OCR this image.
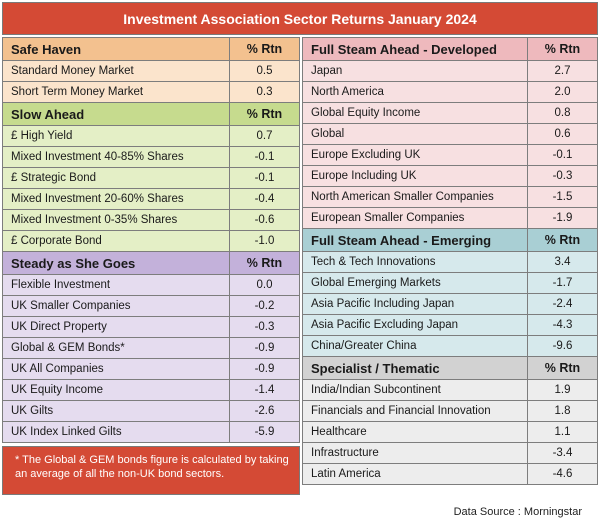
Investment Association Sector Returns January 2024
Safe Haven	% Rtn
Standard Money Market	0.5
Short Term Money Market	0.3
Slow Ahead	% Rtn
£ High Yield	0.7
Mixed Investment 40-85% Shares	-0.1
£ Strategic Bond	-0.1
Mixed Investment 20-60% Shares	-0.4
Mixed Investment 0-35% Shares	-0.6
£ Corporate Bond	-1.0
Steady as She Goes	% Rtn
Flexible Investment	0.0
UK Smaller Companies	-0.2
UK Direct Property	-0.3
Global & GEM Bonds*	-0.9
UK All Companies	-0.9
UK Equity Income	-1.4
UK Gilts	-2.6
UK Index Linked Gilts	-5.9
* The Global & GEM bonds figure is calculated by taking an average of all the non-UK bond sectors.
Full Steam Ahead - Developed	% Rtn
Japan	2.7
North America	2.0
Global Equity Income	0.8
Global	0.6
Europe Excluding UK	-0.1
Europe Including UK	-0.3
North American Smaller Companies	-1.5
European Smaller Companies	-1.9
Full Steam Ahead - Emerging	% Rtn
Tech & Tech Innovations	3.4
Global Emerging Markets	-1.7
Asia Pacific Including Japan	-2.4
Asia Pacific Excluding Japan	-4.3
China/Greater China	-9.6
Specialist / Thematic	% Rtn
India/Indian Subcontinent	1.9
Financials and Financial Innovation	1.8
Healthcare	1.1
Infrastructure	-3.4
Latin America	-4.6
Data Source : Morningstar
